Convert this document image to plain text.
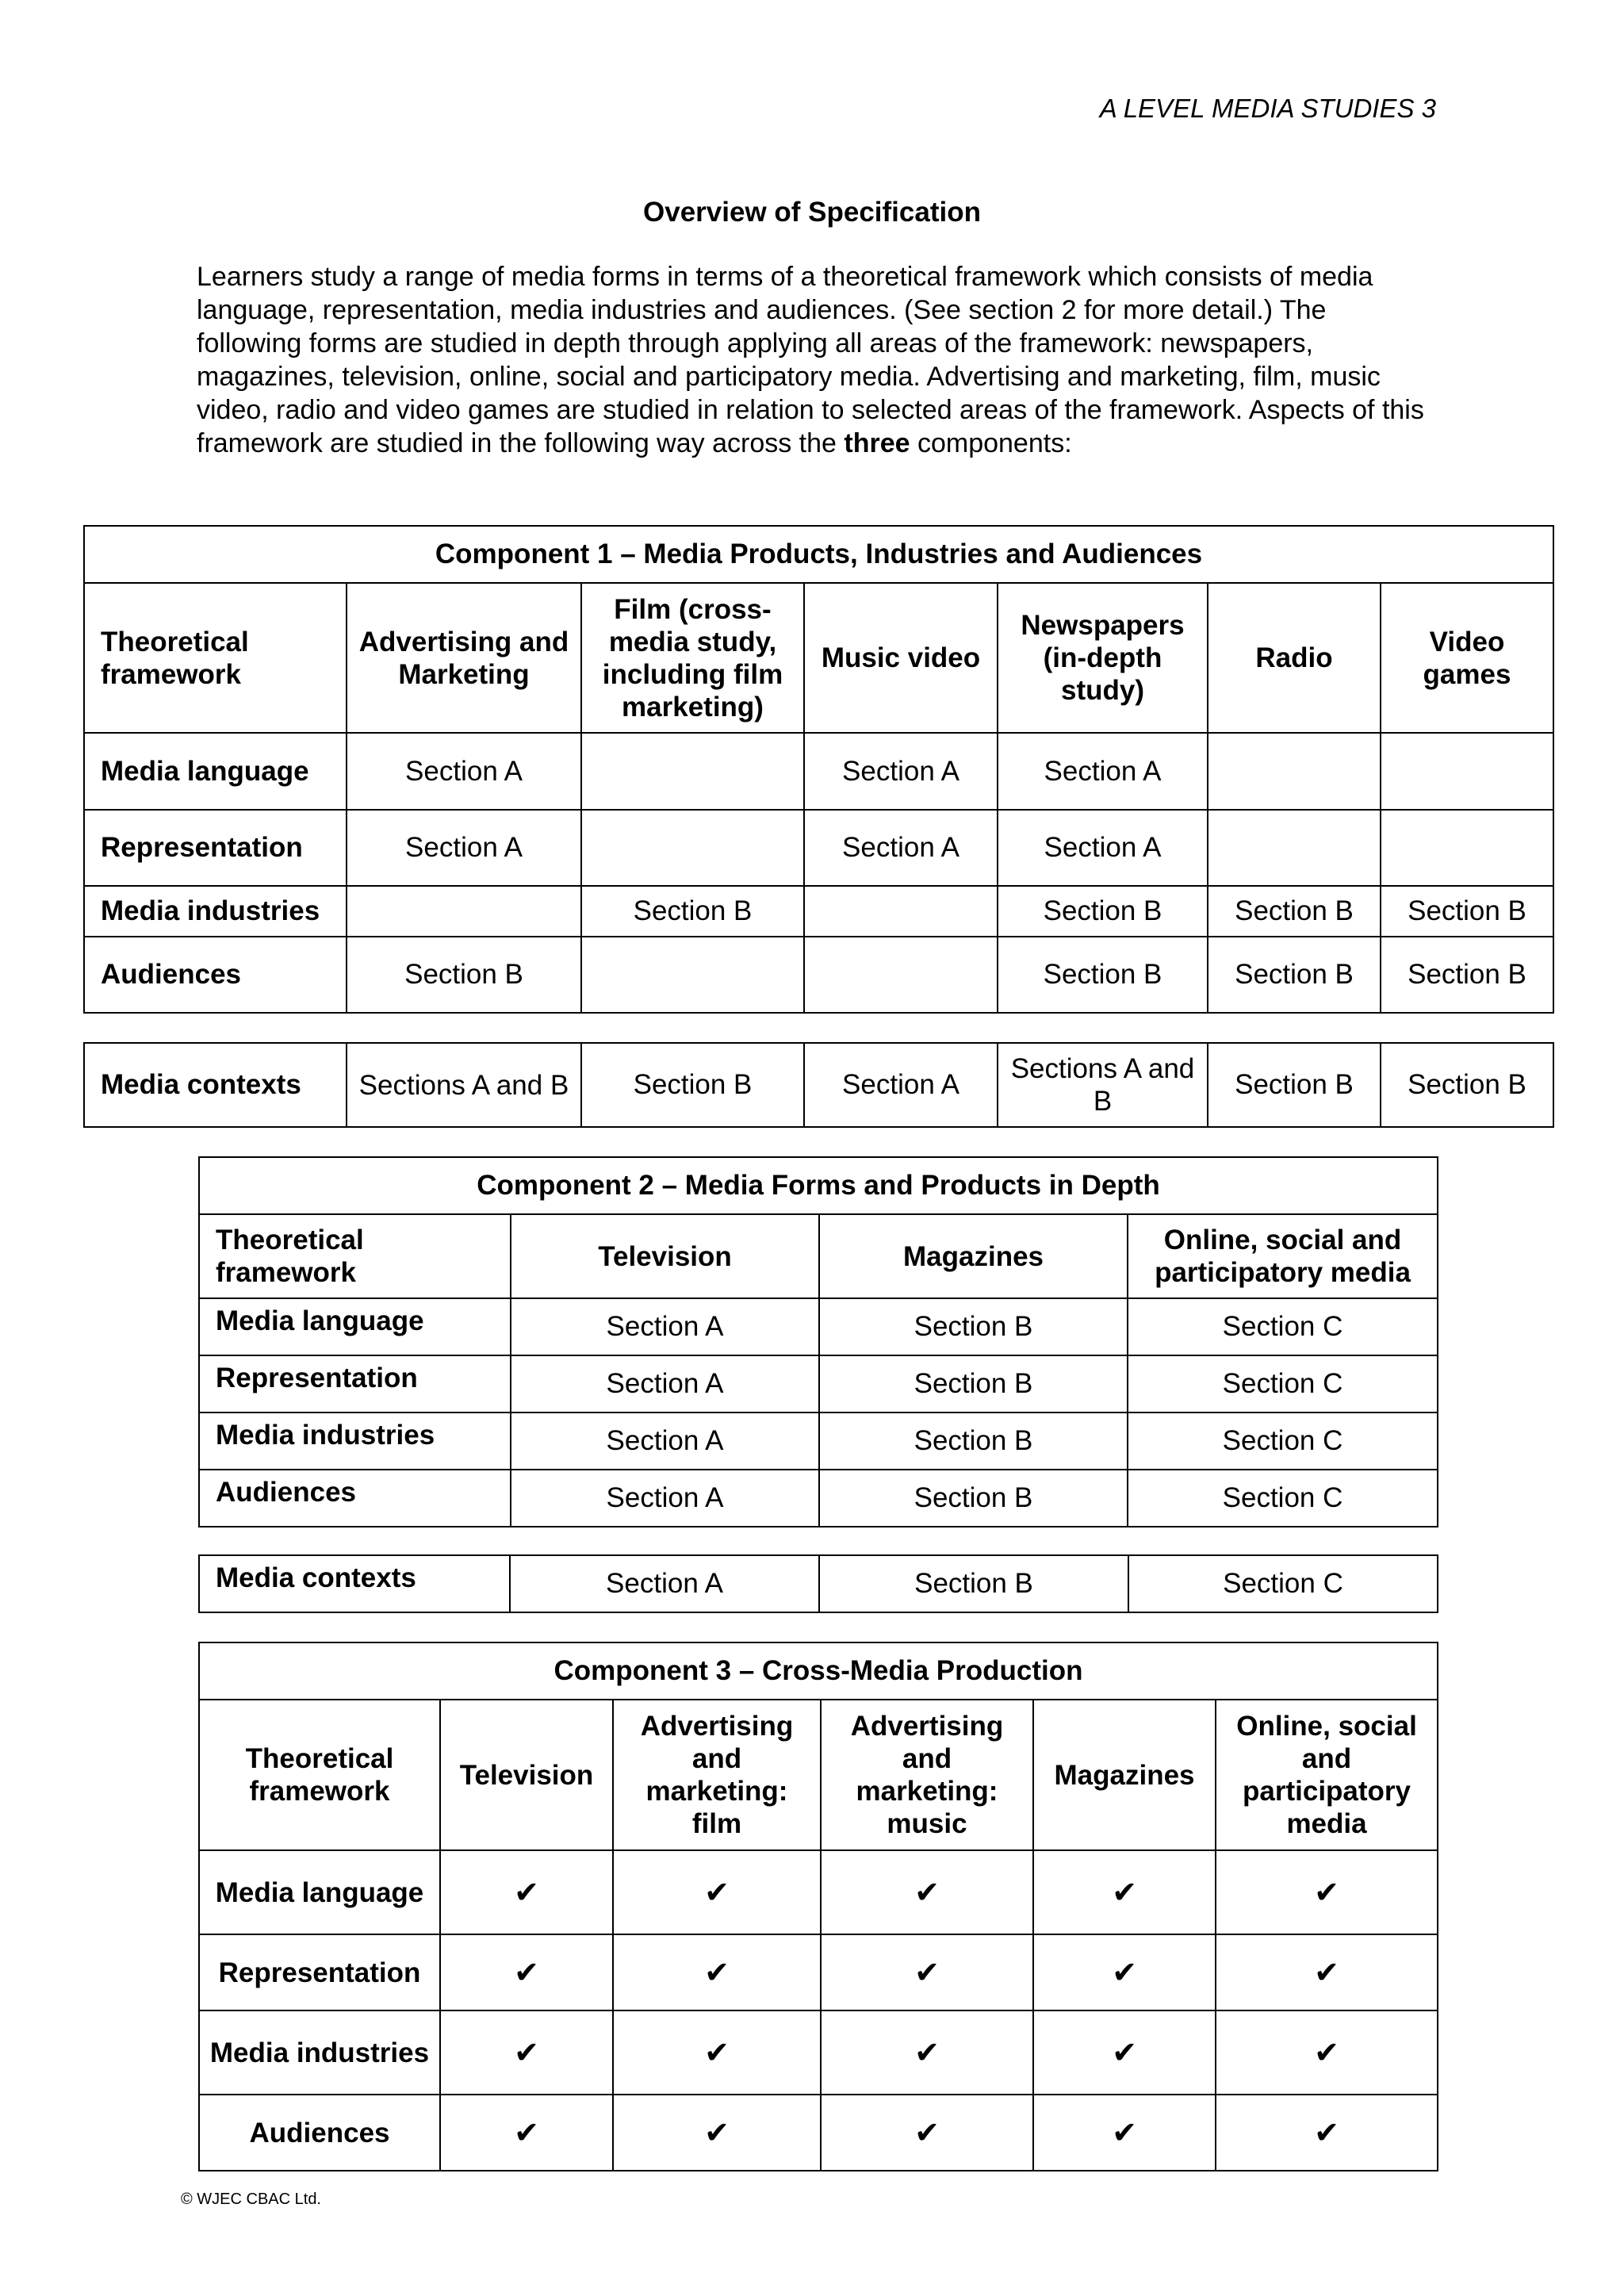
A LEVEL MEDIA STUDIES 3
Overview of Specification

Learners study a range of media forms in terms of a theoretical framework which consists of media language, representation, media industries and audiences. (See section 2 for more detail.) The following forms are studied in depth through applying all areas of the framework: newspapers, magazines, television, online, social and participatory media. Advertising and marketing, film, music video, radio and video games are studied in relation to selected areas of the framework. Aspects of this framework are studied in the following way across the three components:

Component 1 – Media Products, Industries and Audiences						
Theoretical framework	Advertising and Marketing	Film (cross-media study, including film marketing)	Music video	Newspapers (in-depth study)	Radio	Video games
Media language	Section A		Section A	Section A		
Representation	Section A		Section A	Section A		
Media industries		Section B		Section B	Section B	Section B
Audiences	Section B			Section B	Section B	Section B
Media contexts	Sections A and B	Section B	Section A	Sections A and B	Section B	Section B
Component 2 – Media Forms and Products in Depth			
Theoretical framework	Television	Magazines	Online, social and participatory media
Media language	Section A	Section B	Section C
Representation	Section A	Section B	Section C
Media industries	Section A	Section B	Section C
Audiences	Section A	Section B	Section C
Media contexts	Section A	Section B	Section C
Component 3 – Cross-Media Production					
Theoretical framework	Television	Advertising and marketing: film	Advertising and marketing: music	Magazines	Online, social and participatory media
Media language	✔	✔	✔	✔	✔
Representation	✔	✔	✔	✔	✔
Media industries	✔	✔	✔	✔	✔
Audiences	✔	✔	✔	✔	✔
© WJEC CBAC Ltd.
